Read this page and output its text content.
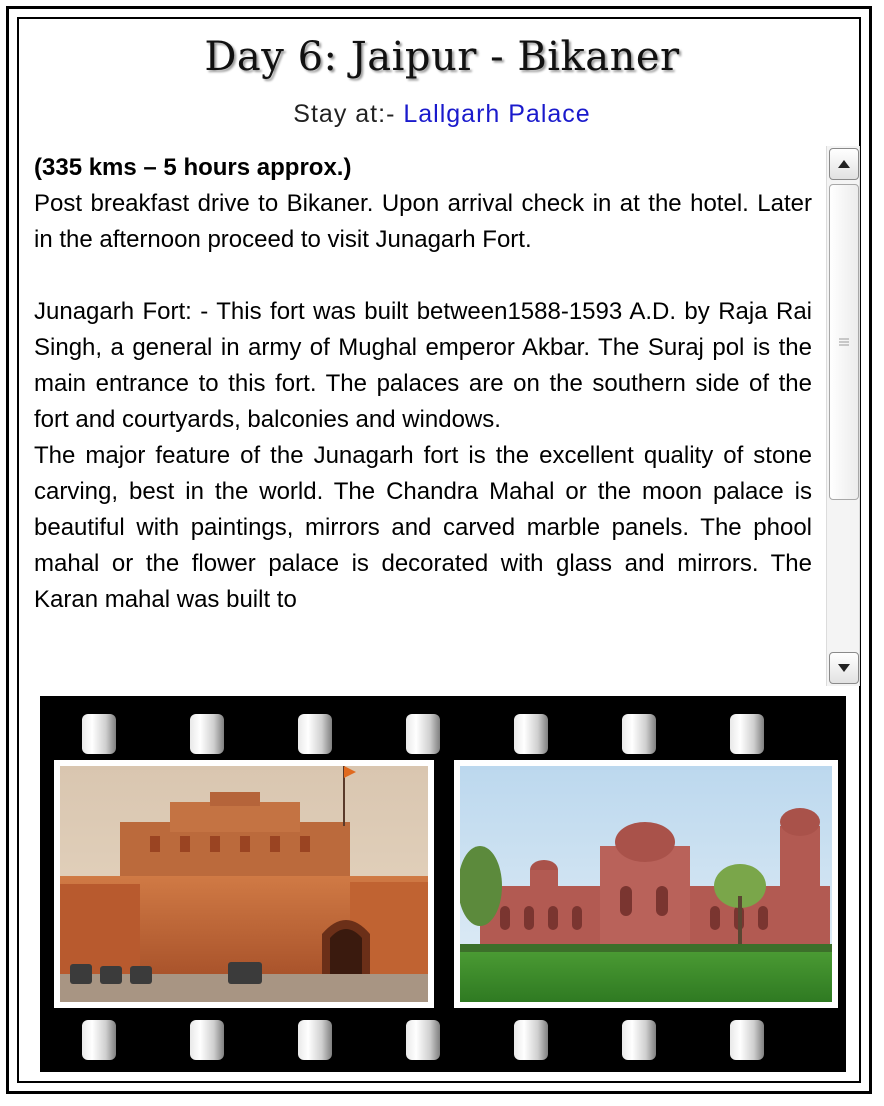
Day 6: Jaipur - Bikaner
Stay at:- Lallgarh Palace

(335 kms – 5 hours approx.)

Post breakfast drive to Bikaner. Upon arrival check in at the hotel. Later in the afternoon proceed to visit Junagarh Fort.

Junagarh Fort: - This fort was built between1588-1593 A.D. by Raja Rai Singh, a general in army of Mughal emperor Akbar. The Suraj pol is the main entrance to this fort. The palaces are on the southern side of the fort and courtyards, balconies and windows.

The major feature of the Junagarh fort is the excellent quality of stone carving, best in the world. The Chandra Mahal or the moon palace is beautiful with paintings, mirrors and carved marble panels. The phool mahal or the flower palace is decorated with glass and mirrors. The Karan mahal was built to
